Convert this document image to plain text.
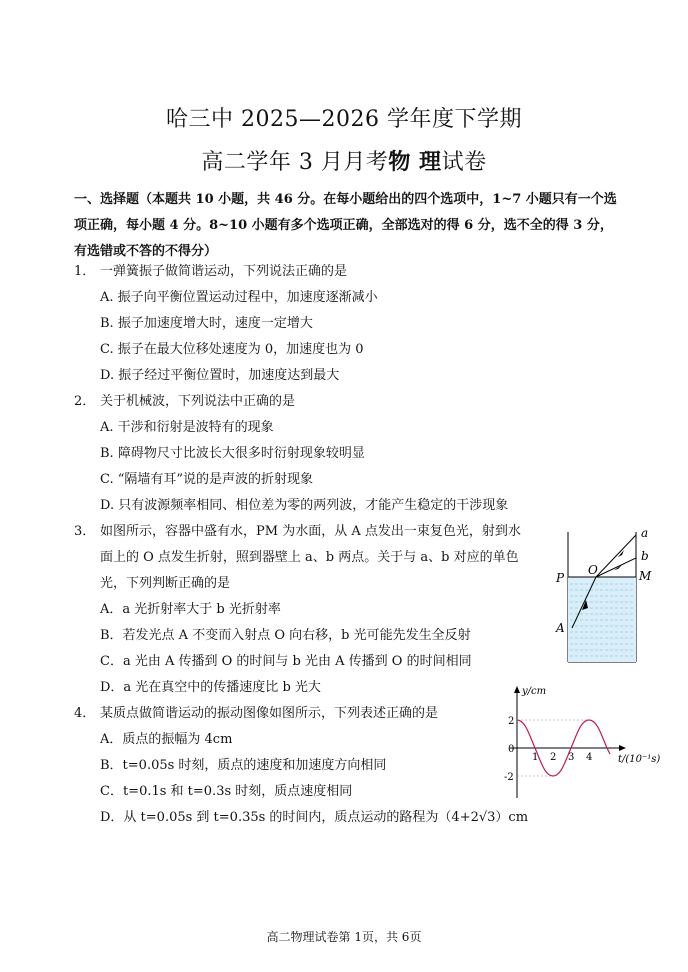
哈三中 2025—2026 学年度下学期
高二学年 3 月月考物 理试卷
一、选择题（本题共 10 小题，共 46 分。在每小题给出的四个选项中，1~7 小题只有一个选项正确，每小题 4 分。8~10 小题有多个选项正确，全部选对的得 6 分，选不全的得 3 分，有选错或不答的不得分）
1． 一弹簧振子做简谐运动，下列说法正确的是
A. 振子向平衡位置运动过程中，加速度逐渐减小
B. 振子加速度增大时，速度一定增大
C. 振子在最大位移处速度为 0，加速度也为 0
D. 振子经过平衡位置时，加速度达到最大
2． 关于机械波，下列说法中正确的是
A. 干涉和衍射是波特有的现象
B. 障碍物尺寸比波长大很多时衍射现象较明显
C. “隔墙有耳”说的是声波的折射现象
D. 只有波源频率相同、相位差为零的两列波，才能产生稳定的干涉现象
3． 如图所示，容器中盛有水，PM 为水面，从 A 点发出一束复色光，射到水
面上的 O 点发生折射，照到器壁上 a、b 两点。关于与 a、b 对应的单色
光，下列判断正确的是
A．a 光折射率大于 b 光折射率
B．若发光点 A 不变而入射点 O 向右移，b 光可能先发生全反射
C．a 光由 A 传播到 O 的时间与 b 光由 A 传播到 O 的时间相同
D．a 光在真空中的传播速度比 b 光大
a
b
O
P	M
A
4． 某质点做简谐运动的振动图像如图所示，下列表述正确的是
A．质点的振幅为 4cm
B．t=0.05s 时刻，质点的速度和加速度方向相同
C．t=0.1s 和 t=0.3s 时刻，质点速度相同
D．从 t=0.05s 到 t=0.35s 的时间内，质点运动的路程为（4+2√3）cm
y/cm
t/(10⁻¹s)
2
0
-2
1 2 3 4
高二物理试卷第 1页，共 6页
